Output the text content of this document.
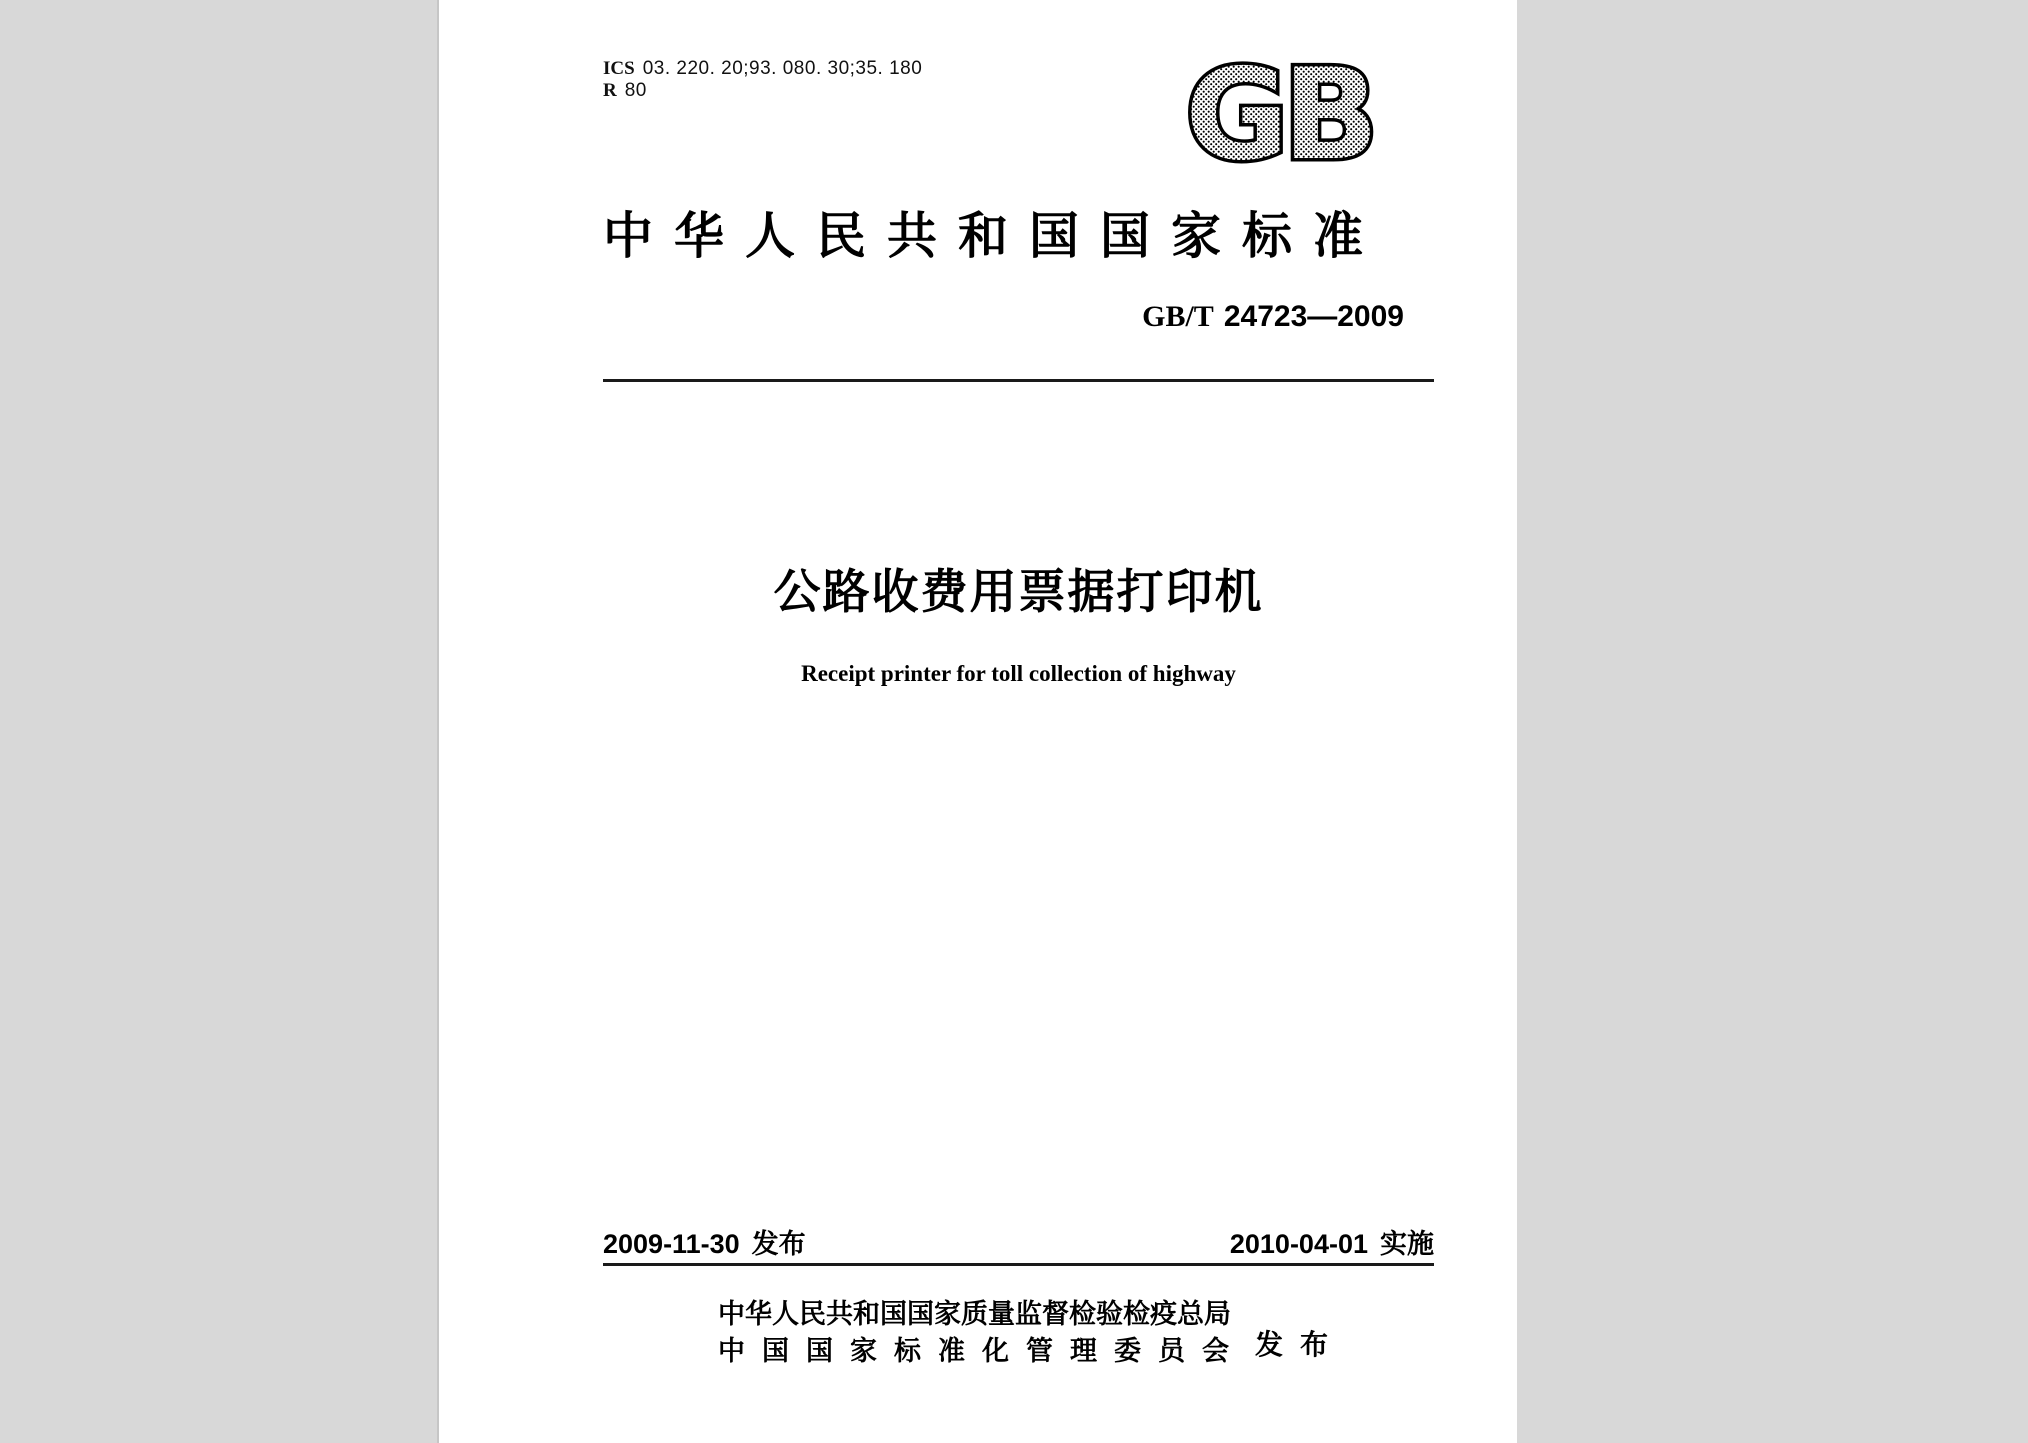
ICS 03. 220. 20;93. 080. 30;35. 180
R 80	GB
中华人民共和国国家标准
GB/T 24723—2009
公路收费用票据打印机
Receipt printer for toll collection of highway
2009-11-30 发布	2010-04-01 实施
中华人民共和国国家质量监督检验检疫总局
中国国家标准化管理委员会 发 布
